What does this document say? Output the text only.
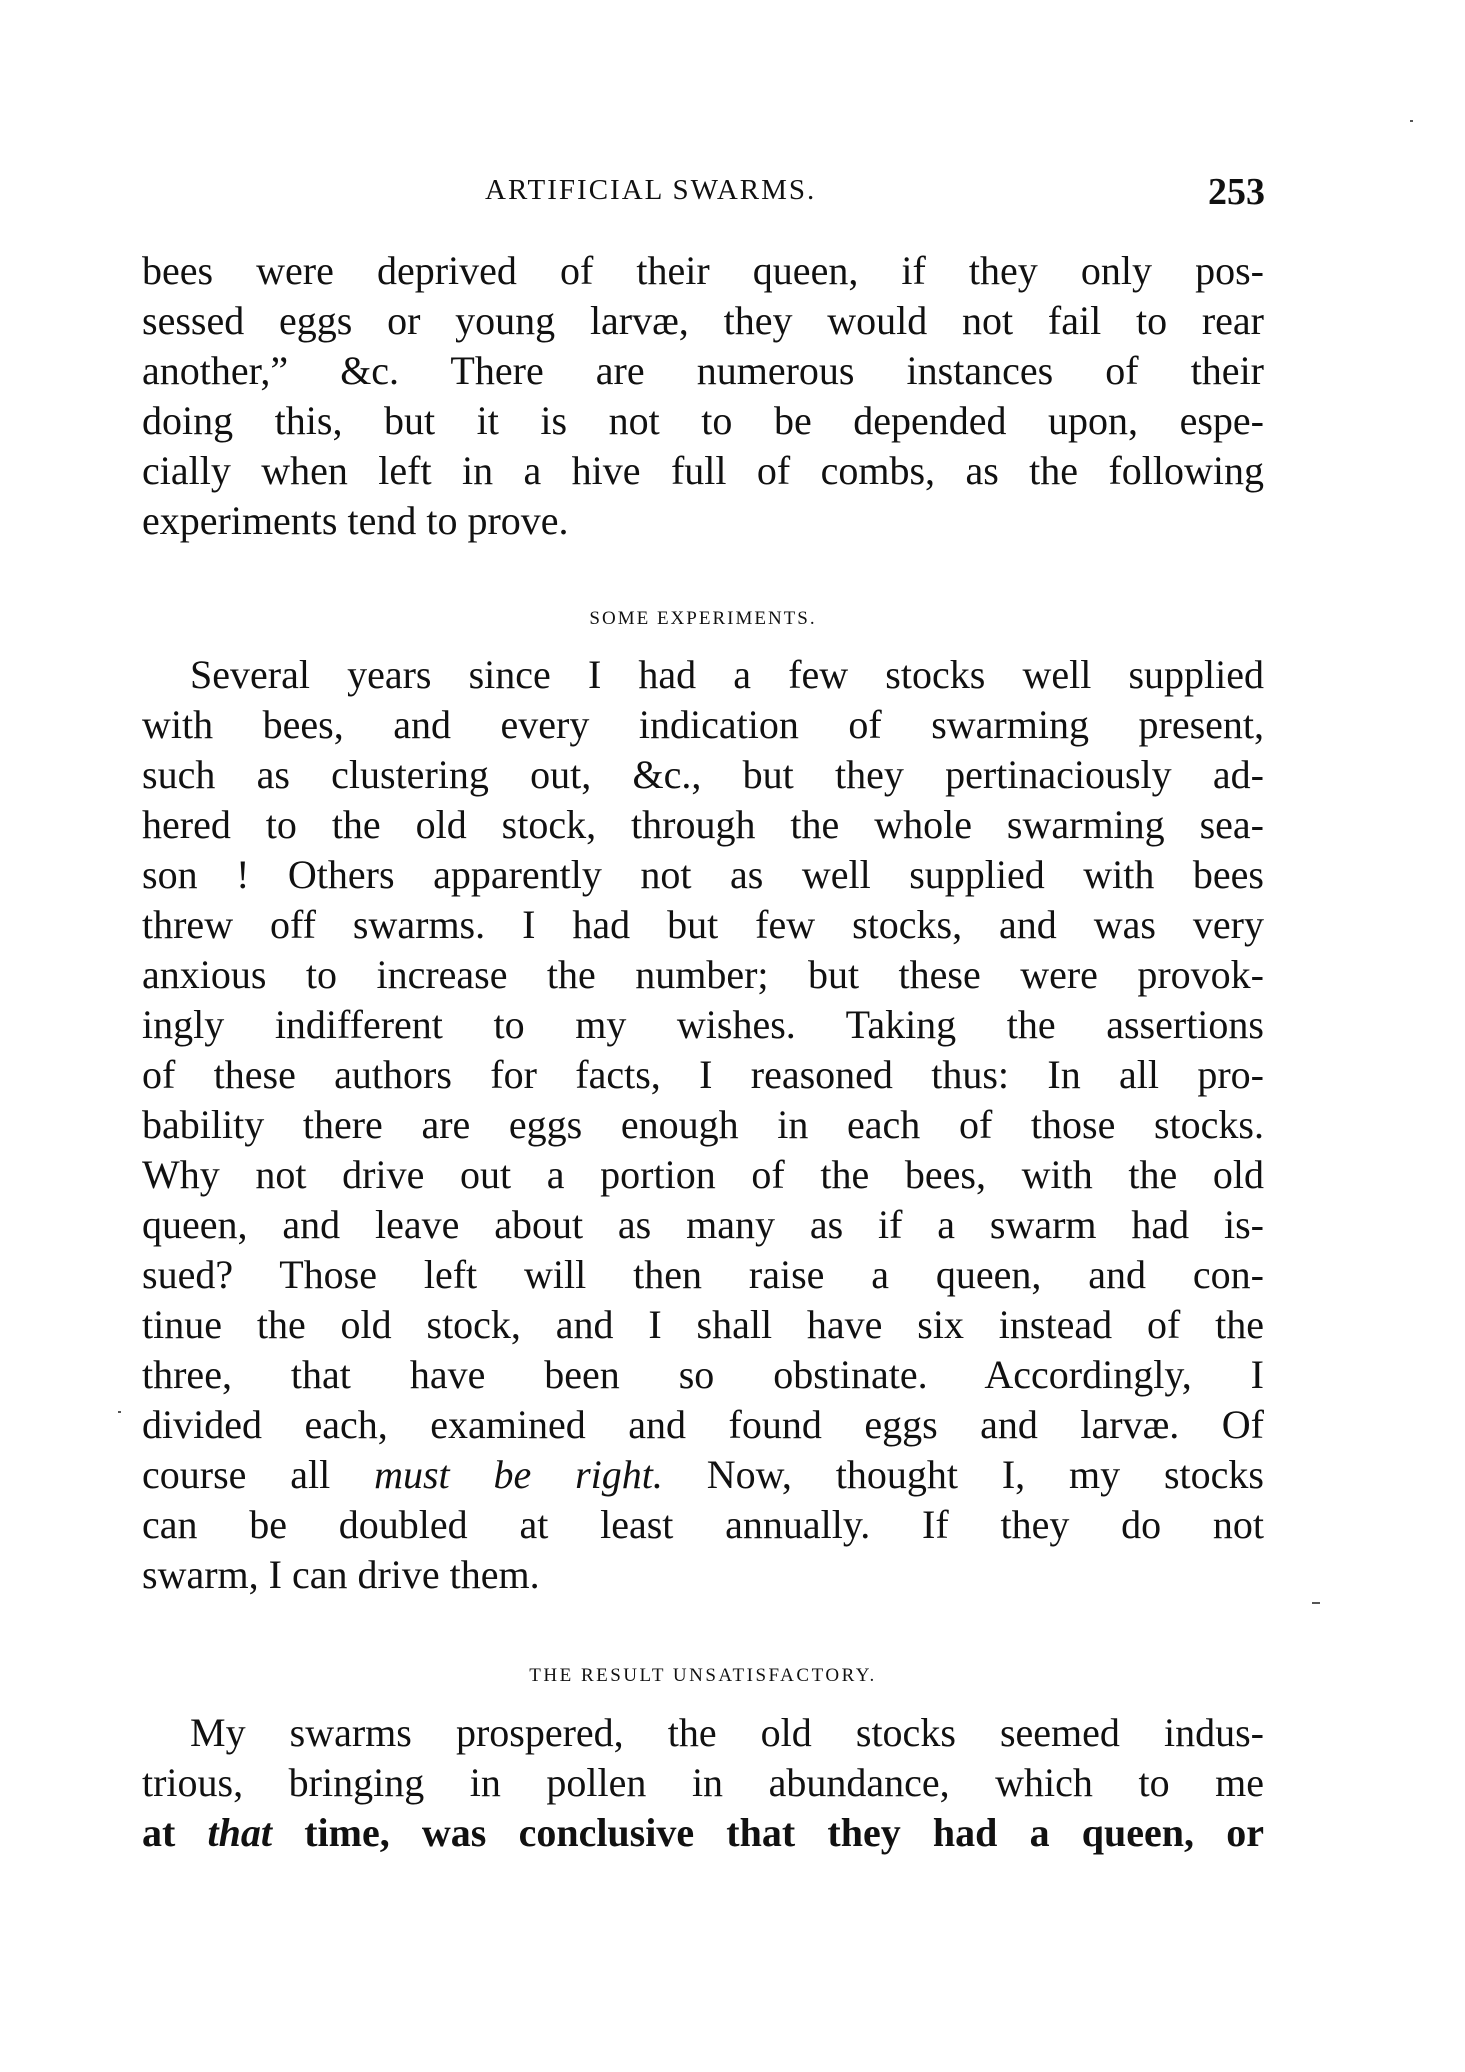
ARTIFICIAL SWARMS.	253
bees were deprived of their queen, if they only pos-
sessed eggs or young larvæ, they would not fail to rear
another,” &c. There are numerous instances of their
doing this, but it is not to be depended upon, espe-
cially when left in a hive full of combs, as the following
experiments tend to prove.
SOME EXPERIMENTS.
Several years since I had a few stocks well supplied
with bees, and every indication of swarming present,
such as clustering out, &c., but they pertinaciously ad-
hered to the old stock, through the whole swarming sea-
son ! Others apparently not as well supplied with bees
threw off swarms. I had but few stocks, and was very
anxious to increase the number; but these were provok-
ingly indifferent to my wishes. Taking the assertions
of these authors for facts, I reasoned thus: In all pro-
bability there are eggs enough in each of those stocks.
Why not drive out a portion of the bees, with the old
queen, and leave about as many as if a swarm had is-
sued? Those left will then raise a queen, and con-
tinue the old stock, and I shall have six instead of the
three, that have been so obstinate. Accordingly, I
divided each, examined and found eggs and larvæ. Of
course all must be right. Now, thought I, my stocks
can be doubled at least annually. If they do not
swarm, I can drive them.
THE RESULT UNSATISFACTORY.
My swarms prospered, the old stocks seemed indus-
trious, bringing in pollen in abundance, which to me
at that time, was conclusive that they had a queen, or
